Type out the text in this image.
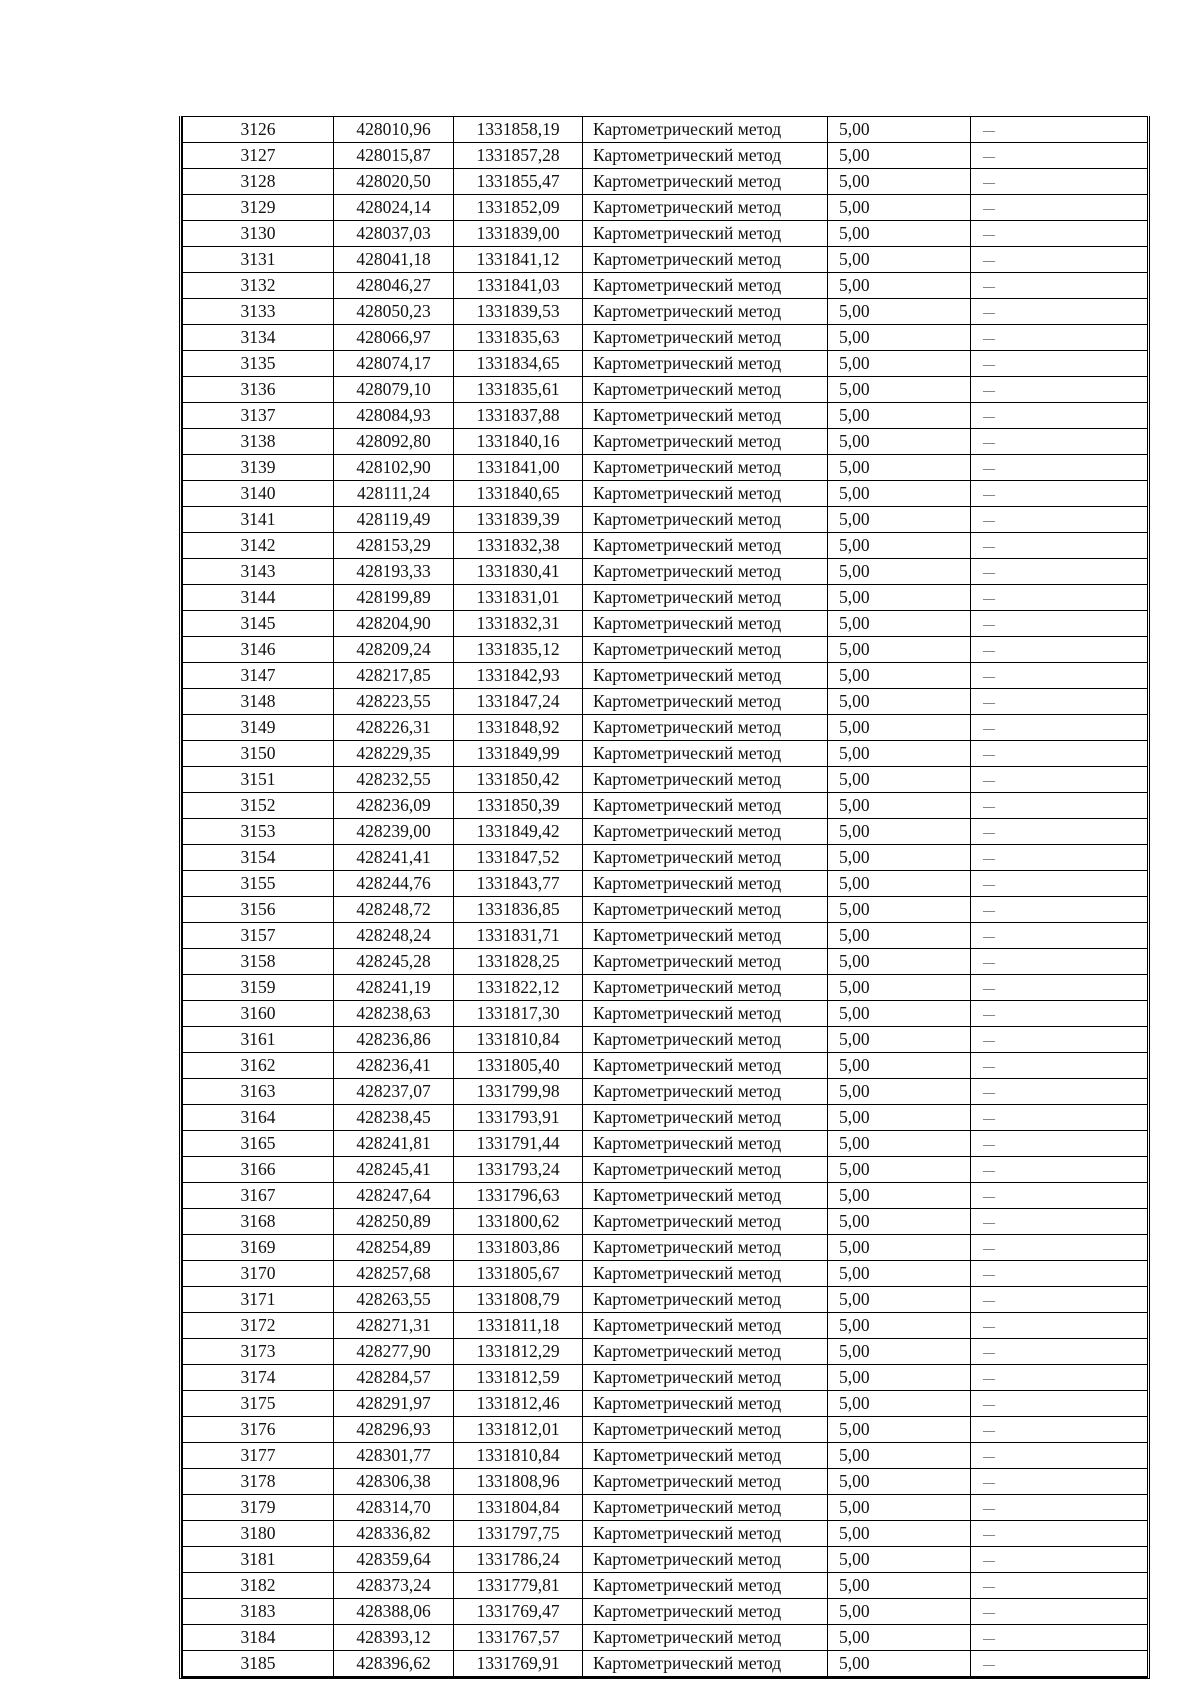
3126	428010,96	1331858,19	Картометрический метод	5,00	—
3127	428015,87	1331857,28	Картометрический метод	5,00	—
3128	428020,50	1331855,47	Картометрический метод	5,00	—
3129	428024,14	1331852,09	Картометрический метод	5,00	—
3130	428037,03	1331839,00	Картометрический метод	5,00	—
3131	428041,18	1331841,12	Картометрический метод	5,00	—
3132	428046,27	1331841,03	Картометрический метод	5,00	—
3133	428050,23	1331839,53	Картометрический метод	5,00	—
3134	428066,97	1331835,63	Картометрический метод	5,00	—
3135	428074,17	1331834,65	Картометрический метод	5,00	—
3136	428079,10	1331835,61	Картометрический метод	5,00	—
3137	428084,93	1331837,88	Картометрический метод	5,00	—
3138	428092,80	1331840,16	Картометрический метод	5,00	—
3139	428102,90	1331841,00	Картометрический метод	5,00	—
3140	428111,24	1331840,65	Картометрический метод	5,00	—
3141	428119,49	1331839,39	Картометрический метод	5,00	—
3142	428153,29	1331832,38	Картометрический метод	5,00	—
3143	428193,33	1331830,41	Картометрический метод	5,00	—
3144	428199,89	1331831,01	Картометрический метод	5,00	—
3145	428204,90	1331832,31	Картометрический метод	5,00	—
3146	428209,24	1331835,12	Картометрический метод	5,00	—
3147	428217,85	1331842,93	Картометрический метод	5,00	—
3148	428223,55	1331847,24	Картометрический метод	5,00	—
3149	428226,31	1331848,92	Картометрический метод	5,00	—
3150	428229,35	1331849,99	Картометрический метод	5,00	—
3151	428232,55	1331850,42	Картометрический метод	5,00	—
3152	428236,09	1331850,39	Картометрический метод	5,00	—
3153	428239,00	1331849,42	Картометрический метод	5,00	—
3154	428241,41	1331847,52	Картометрический метод	5,00	—
3155	428244,76	1331843,77	Картометрический метод	5,00	—
3156	428248,72	1331836,85	Картометрический метод	5,00	—
3157	428248,24	1331831,71	Картометрический метод	5,00	—
3158	428245,28	1331828,25	Картометрический метод	5,00	—
3159	428241,19	1331822,12	Картометрический метод	5,00	—
3160	428238,63	1331817,30	Картометрический метод	5,00	—
3161	428236,86	1331810,84	Картометрический метод	5,00	—
3162	428236,41	1331805,40	Картометрический метод	5,00	—
3163	428237,07	1331799,98	Картометрический метод	5,00	—
3164	428238,45	1331793,91	Картометрический метод	5,00	—
3165	428241,81	1331791,44	Картометрический метод	5,00	—
3166	428245,41	1331793,24	Картометрический метод	5,00	—
3167	428247,64	1331796,63	Картометрический метод	5,00	—
3168	428250,89	1331800,62	Картометрический метод	5,00	—
3169	428254,89	1331803,86	Картометрический метод	5,00	—
3170	428257,68	1331805,67	Картометрический метод	5,00	—
3171	428263,55	1331808,79	Картометрический метод	5,00	—
3172	428271,31	1331811,18	Картометрический метод	5,00	—
3173	428277,90	1331812,29	Картометрический метод	5,00	—
3174	428284,57	1331812,59	Картометрический метод	5,00	—
3175	428291,97	1331812,46	Картометрический метод	5,00	—
3176	428296,93	1331812,01	Картометрический метод	5,00	—
3177	428301,77	1331810,84	Картометрический метод	5,00	—
3178	428306,38	1331808,96	Картометрический метод	5,00	—
3179	428314,70	1331804,84	Картометрический метод	5,00	—
3180	428336,82	1331797,75	Картометрический метод	5,00	—
3181	428359,64	1331786,24	Картометрический метод	5,00	—
3182	428373,24	1331779,81	Картометрический метод	5,00	—
3183	428388,06	1331769,47	Картометрический метод	5,00	—
3184	428393,12	1331767,57	Картометрический метод	5,00	—
3185	428396,62	1331769,91	Картометрический метод	5,00	—
